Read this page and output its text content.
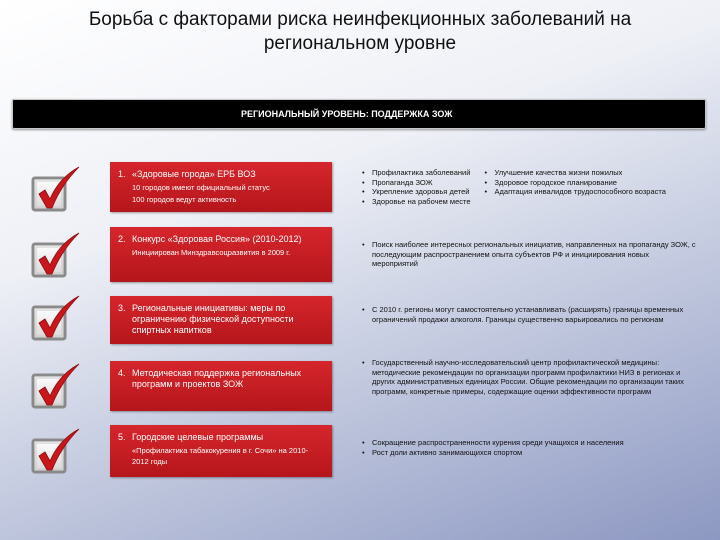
Борьба с факторами риска неинфекционных заболеваний на региональном уровне
РЕГИОНАЛЬНЫЙ УРОВЕНЬ: ПОДДЕРЖКА ЗОЖ
1. «Здоровые города» ЕРБ ВОЗ
10 городов имеют официальный статус
100 городов ведут активность
2. Конкурс «Здоровая Россия» (2010-2012)
Инициирован Минздравсоцразвития в 2009 г.
3. Региональные инициативы: меры по ограничению физической доступности спиртных напитков
4. Методическая поддержка региональных программ и проектов ЗОЖ
5. Городские целевые программы
«Профилактика табакокурения в г. Сочи» на 2010-2012 годы
• Профилактика заболеваний
• Пропаганда ЗОЖ
• Укрепление здоровья детей
• Здоровье на рабочем месте
• Улучшение качества жизни пожилых
• Здоровое городское планирование
• Адаптация инвалидов трудоспособного возраста
• Поиск наиболее интересных региональных инициатив, направленных на пропаганду ЗОЖ, с последующим распространением опыта субъектов РФ и инициирования новых мероприятий
• С 2010 г. регионы могут самостоятельно устанавливать (расширять) границы временных ограничений продажи алкоголя. Границы существенно варьировались по регионам
• Государственный научно-исследовательский центр профилактической медицины: методические рекомендации по организации программ профилактики НИЗ в регионах и других административных единицах России. Общие рекомендации по организации таких программ, конкретные примеры, содержащие оценки эффективности программ
• Сокращение распространенности курения среди учащихся и населения
• Рост доли активно занимающихся спортом
